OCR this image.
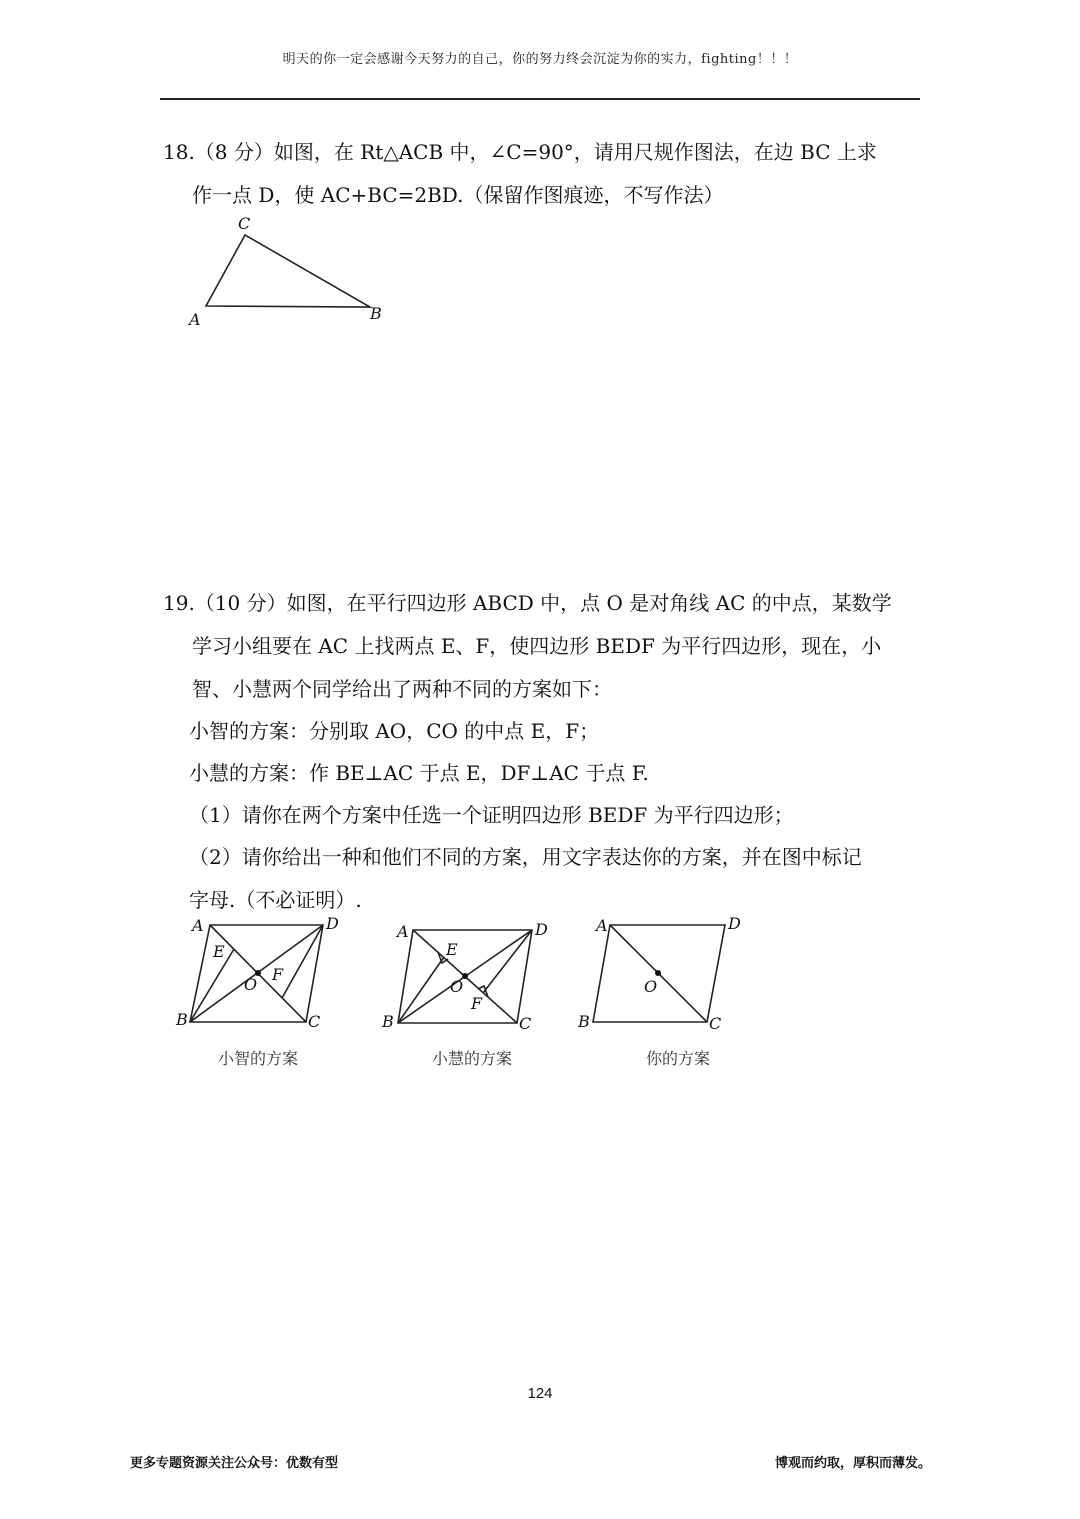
明天的你一定会感谢今天努力的自己，你的努力终会沉淀为你的实力，fighting！！！
18.（8 分）如图，在 Rt△ACB 中，∠C=90°，请用尺规作图法，在边 BC 上求
作一点 D，使 AC+BC=2BD.（保留作图痕迹，不写作法）
C
A	B
19.（10 分）如图，在平行四边形 ABCD 中，点 O 是对角线 AC 的中点，某数学
学习小组要在 AC 上找两点 E、F，使四边形 BEDF 为平行四边形，现在，小
智、小慧两个同学给出了两种不同的方案如下：
小智的方案：分别取 AO，CO 的中点 E，F；
小慧的方案：作 BE⊥AC 于点 E，DF⊥AC 于点 F.
（1）请你在两个方案中任选一个证明四边形 BEDF 为平行四边形；
（2）请你给出一种和他们不同的方案，用文字表达你的方案，并在图中标记
字母.（不必证明）.
A	D
B	C
E
F
O
小智的方案
A	D
B	C
E
F
O
小慧的方案
A	D
B	C
O
你的方案
124
更多专题资源关注公众号：优数有型	博观而约取，厚积而薄发。
